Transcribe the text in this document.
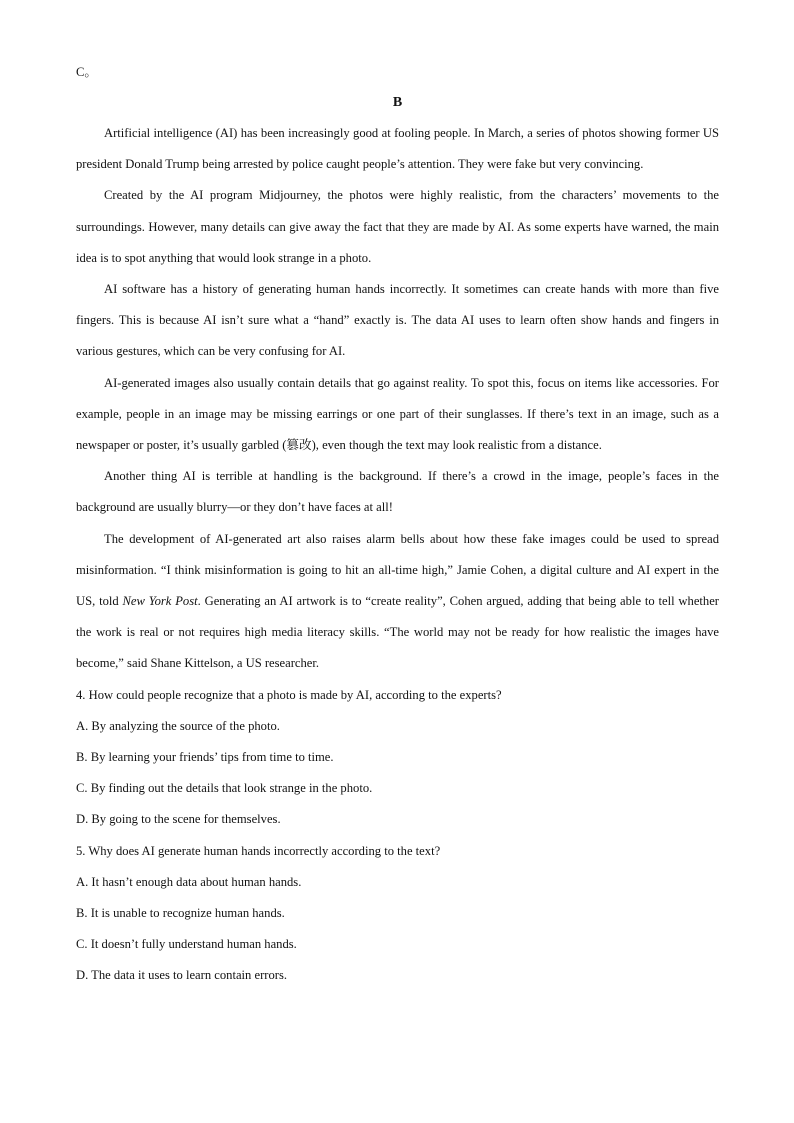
C。

B

Artificial intelligence (AI) has been increasingly good at fooling people. In March, a series of photos showing former US president Donald Trump being arrested by police caught people’s attention. They were fake but very convincing.

Created by the AI program Midjourney, the photos were highly realistic, from the characters’ movements to the surroundings. However, many details can give away the fact that they are made by AI. As some experts have warned, the main idea is to spot anything that would look strange in a photo.

AI software has a history of generating human hands incorrectly. It sometimes can create hands with more than five fingers. This is because AI isn’t sure what a “hand” exactly is. The data AI uses to learn often show hands and fingers in various gestures, which can be very confusing for AI.

AI-generated images also usually contain details that go against reality. To spot this, focus on items like accessories. For example, people in an image may be missing earrings or one part of their sunglasses. If there’s text in an image, such as a newspaper or poster, it’s usually garbled (篡改), even though the text may look realistic from a distance.

Another thing AI is terrible at handling is the background. If there’s a crowd in the image, people’s faces in the background are usually blurry—or they don’t have faces at all!

The development of AI-generated art also raises alarm bells about how these fake images could be used to spread misinformation. “I think misinformation is going to hit an all-time high,” Jamie Cohen, a digital culture and AI expert in the US, told New York Post. Generating an AI artwork is to “create reality”, Cohen argued, adding that being able to tell whether the work is real or not requires high media literacy skills. “The world may not be ready for how realistic the images have become,” said Shane Kittelson, a US researcher.

4. How could people recognize that a photo is made by AI, according to the experts?

A. By analyzing the source of the photo.

B. By learning your friends’ tips from time to time.

C. By finding out the details that look strange in the photo.

D. By going to the scene for themselves.

5. Why does AI generate human hands incorrectly according to the text?

A. It hasn’t enough data about human hands.

B. It is unable to recognize human hands.

C. It doesn’t fully understand human hands.

D. The data it uses to learn contain errors.
